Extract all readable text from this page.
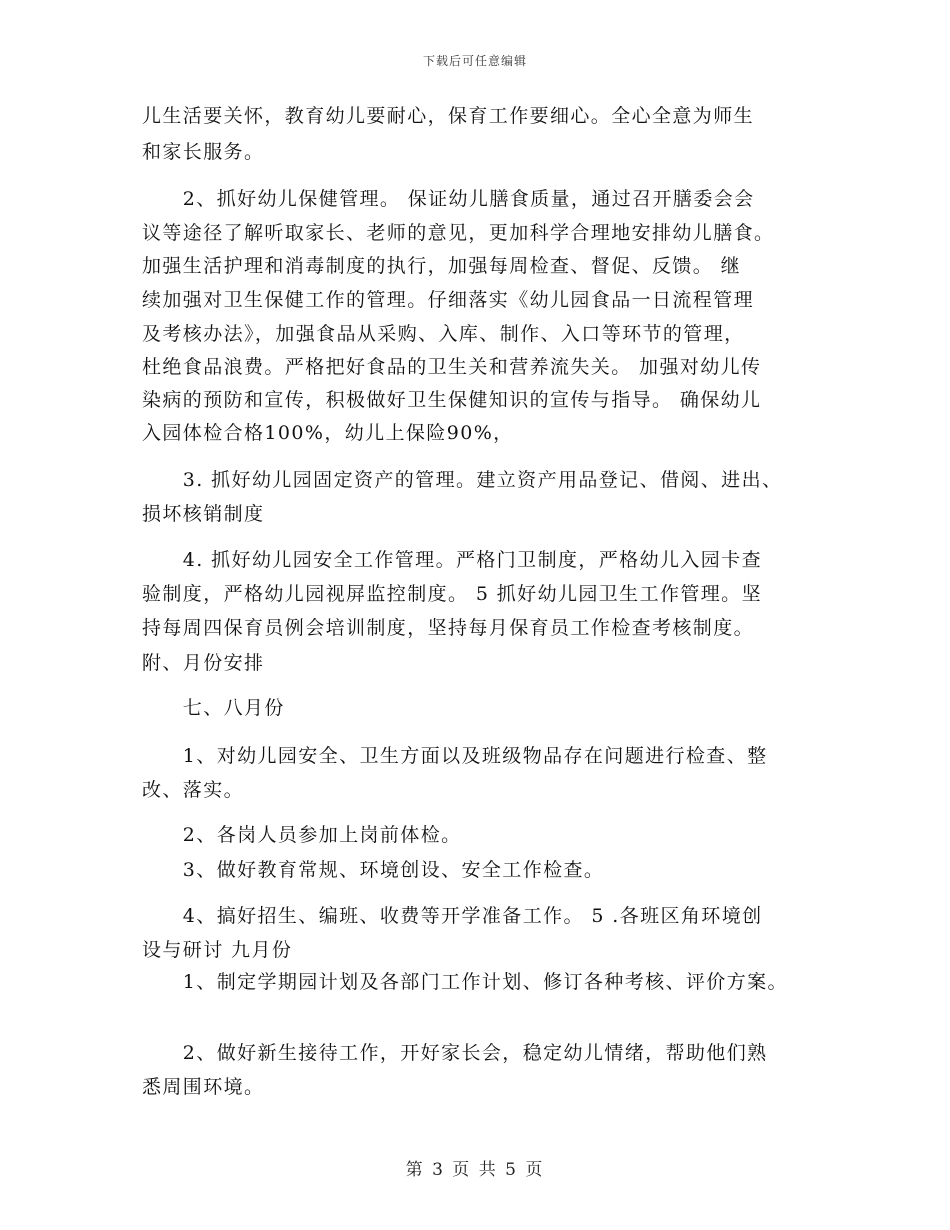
下载后可任意编辑
儿生活要关怀，教育幼儿要耐心，保育工作要细心。全心全意为师生
和家长服务。
　　2、抓好幼儿保健管理。 保证幼儿膳食质量，通过召开膳委会会
议等途径了解听取家长、老师的意见，更加科学合理地安排幼儿膳食。
加强生活护理和消毒制度的执行，加强每周检查、督促、反馈。 继
续加强对卫生保健工作的管理。仔细落实《幼儿园食品一日流程管理
及考核办法》，加强食品从采购、入库、制作、入口等环节的管理，
杜绝食品浪费。严格把好食品的卫生关和营养流失关。 加强对幼儿传
染病的预防和宣传，积极做好卫生保健知识的宣传与指导。 确保幼儿
入园体检合格100%，幼儿上保险90%，
　　3. 抓好幼儿园固定资产的管理。建立资产用品登记、借阅、进出、
损坏核销制度
　　4. 抓好幼儿园安全工作管理。严格门卫制度，严格幼儿入园卡查
验制度，严格幼儿园视屏监控制度。 5 抓好幼儿园卫生工作管理。坚
持每周四保育员例会培训制度，坚持每月保育员工作检查考核制度。
附、月份安排
　　七、八月份
　　1、对幼儿园安全、卫生方面以及班级物品存在问题进行检查、整
改、落实。
　　2、各岗人员参加上岗前体检。
　　3、做好教育常规、环境创设、安全工作检查。
　　4、搞好招生、编班、收费等开学准备工作。 5 .各班区角环境创
设与研讨 九月份
　　1、制定学期园计划及各部门工作计划、修订各种考核、评价方案。
　　2、做好新生接待工作，开好家长会，稳定幼儿情绪，帮助他们熟
悉周围环境。
第 3 页 共 5 页
